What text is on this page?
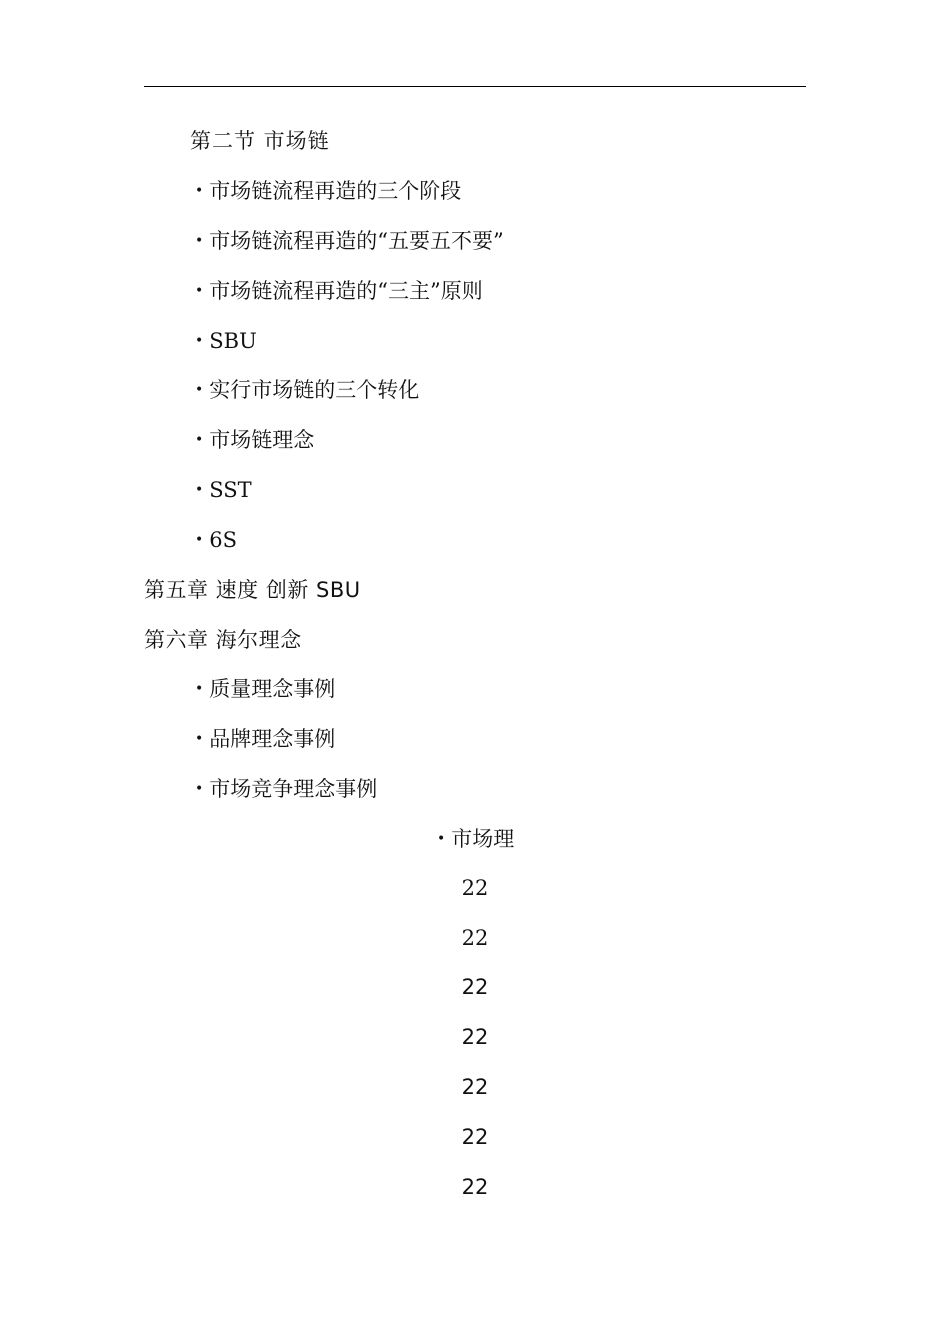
第二节 市场链
• 市场链流程再造的三个阶段
• 市场链流程再造的“五要五不要”
• 市场链流程再造的“三主”原则
• SBU
• 实行市场链的三个转化
• 市场链理念
• SST
• 6S
第五章 速度 创新 SBU
第六章 海尔理念
• 质量理念事例
• 品牌理念事例
• 市场竞争理念事例
• 市场理
22
22
22
22
22
22
22
